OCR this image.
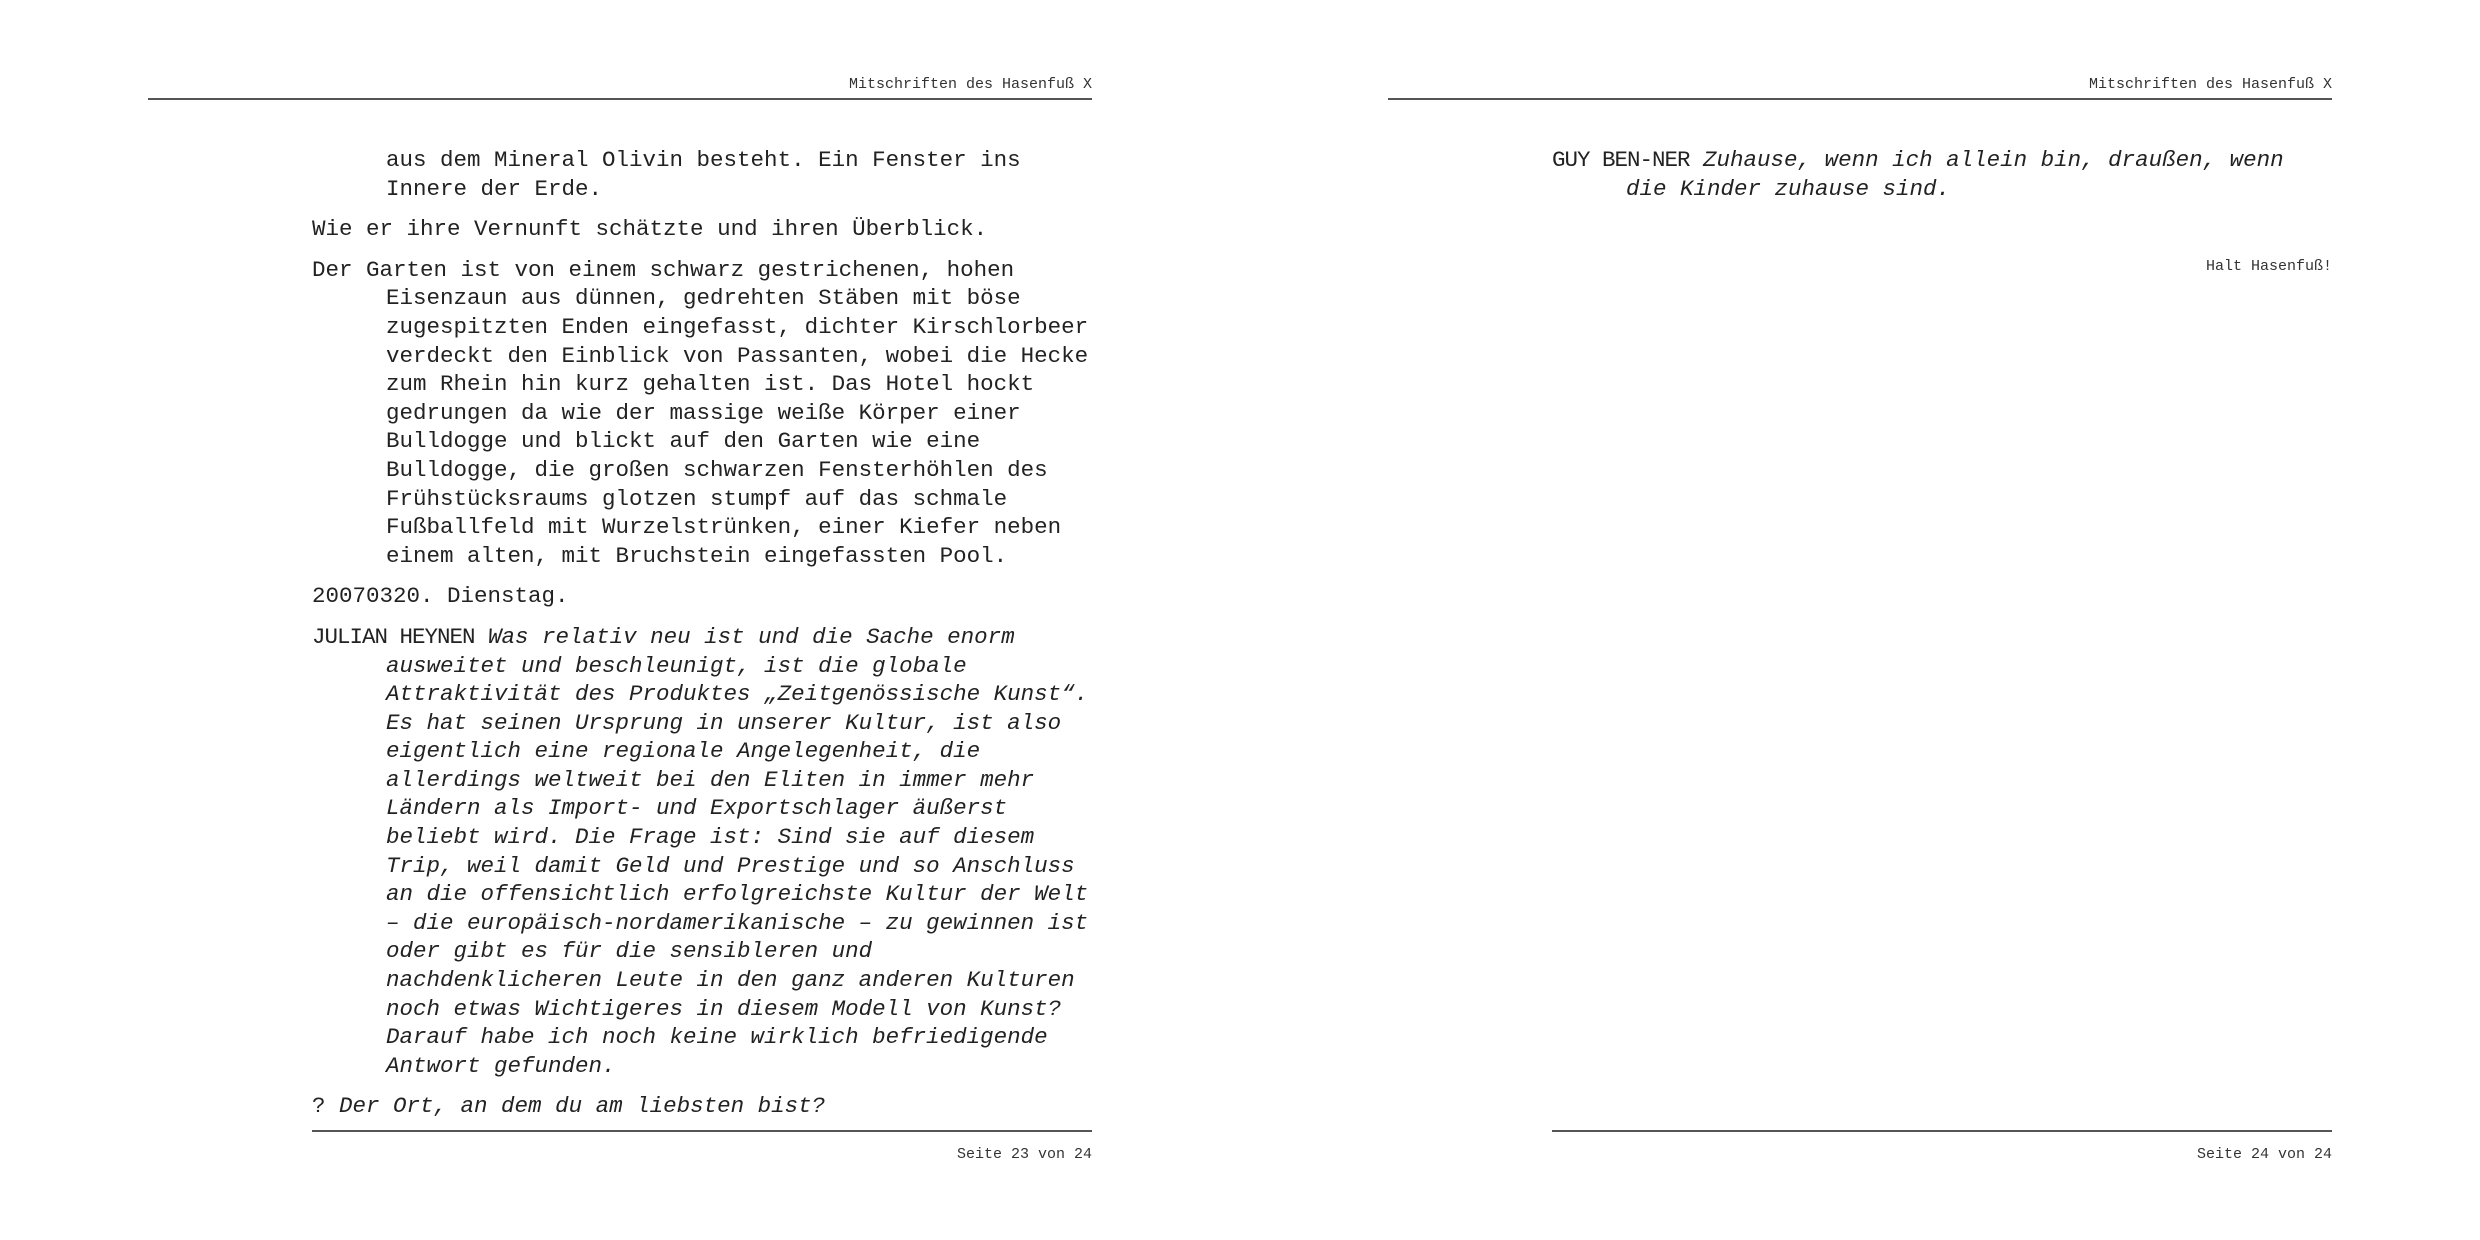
Mitschriften des Hasenfuß X

aus dem Mineral Olivin besteht. Ein Fenster ins Innere der Erde.

Wie er ihre Vernunft schätzte und ihren Überblick.

Der Garten ist von einem schwarz gestrichenen, hohen Eisenzaun aus dünnen, gedrehten Stäben mit böse zugespitzten Enden eingefasst, dichter Kirschlorbeer verdeckt den Einblick von Passanten, wobei die Hecke zum Rhein hin kurz gehalten ist. Das Hotel hockt gedrungen da wie der massige weiße Körper einer Bulldogge und blickt auf den Garten wie eine Bulldogge, die großen schwarzen Fensterhöhlen des Frühstücksraums glotzen stumpf auf das schmale Fußballfeld mit Wurzelstrünken, einer Kiefer neben einem alten, mit Bruchstein eingefassten Pool.

20070320. Dienstag.

JULIAN HEYNEN Was relativ neu ist und die Sache enorm ausweitet und beschleunigt, ist die globale Attraktivität des Produktes „Zeitgenössische Kunst“. Es hat seinen Ursprung in unserer Kultur, ist also eigentlich eine regionale Angelegenheit, die allerdings weltweit bei den Eliten in immer mehr Ländern als Import- und Exportschlager äußerst beliebt wird. Die Frage ist: Sind sie auf diesem Trip, weil damit Geld und Prestige und so Anschluss an die offensichtlich erfolgreichste Kultur der Welt – die europäisch-nordamerikanische – zu gewinnen ist oder gibt es für die sensibleren und nachdenklicheren Leute in den ganz anderen Kulturen noch etwas Wichtigeres in diesem Modell von Kunst? Darauf habe ich noch keine wirklich befriedigende Antwort gefunden.

? Der Ort, an dem du am liebsten bist?

Seite 23 von 24
Mitschriften des Hasenfuß X

GUY BEN-NER Zuhause, wenn ich allein bin, draußen, wenn die Kinder zuhause sind.

Halt Hasenfuß!
Seite 24 von 24
